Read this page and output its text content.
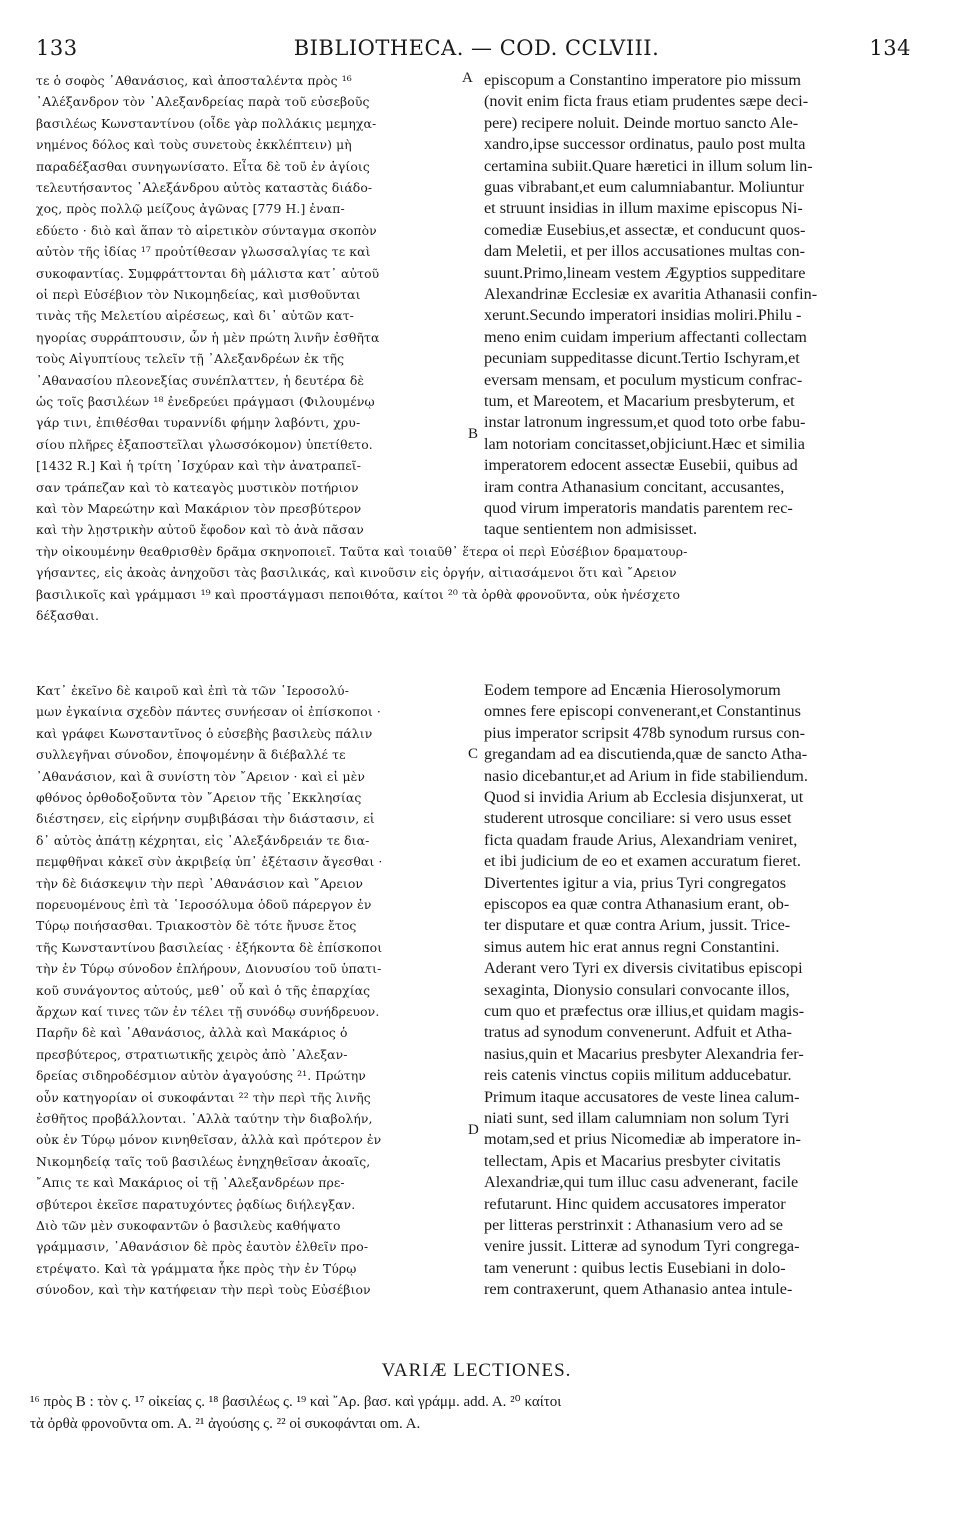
133	BIBLIOTHECA. — COD. CCLVIII.	134
τε ὁ σοφὸς ᾿Αθανάσιος, καὶ ἀποσταλέντα πρὸς ¹⁶
᾿Αλέξανδρον τὸν ᾿Αλεξανδρείας παρὰ τοῦ εὐσεβοῦς
βασιλέως Κωνσταντίνου (οἶδε γὰρ πολλάκις μεμηχα-
νημένος δόλος καὶ τοὺς συνετοὺς ἐκκλέπτειν) μὴ
παραδέξασθαι συνηγωνίσατο. Εἶτα δὲ τοῦ ἐν ἁγίοις
τελευτήσαντος ᾿Αλεξάνδρου αὐτὸς καταστὰς διάδο-
χος, πρὸς πολλῷ μείζους ἀγῶνας [779 H.] ἐναπ-
εδύετο · διὸ καὶ ἅπαν τὸ αἱρετικὸν σύνταγμα σκοπὸν
αὐτὸν τῆς ἰδίας ¹⁷ προὐτίθεσαν γλωσσαλγίας τε καὶ
συκοφαντίας. Συμφράττονται δὴ μάλιστα κατ᾿ αὐτοῦ
οἱ περὶ Εὐσέβιον τὸν Νικομηδείας, καὶ μισθοῦνται
τινὰς τῆς Μελετίου αἱρέσεως, καὶ δι᾿ αὐτῶν κατ-
ηγορίας συρράπτουσιν, ὧν ἡ μὲν πρώτη λινῆν ἐσθῆτα
τοὺς Αἰγυπτίους τελεῖν τῇ ᾿Αλεξανδρέων ἐκ τῆς
᾿Αθανασίου πλεονεξίας συνέπλαττεν, ἡ δευτέρα δὲ
ὡς τοῖς βασιλέων ¹⁸ ἐνεδρεύει πράγμασι (Φιλουμένῳ
γάρ τινι, ἐπιθέσθαι τυραννίδι φήμην λαβόντι, χρυ-
σίου πλῆρες ἐξαποστεῖλαι γλωσσόκομον) ὑπετίθετο.
[1432 R.] Καὶ ἡ τρίτη ᾿Ισχύραν καὶ τὴν ἀνατραπεῖ-
σαν τράπεζαν καὶ τὸ κατεαγὸς μυστικὸν ποτήριον
καὶ τὸν Μαρεώτην καὶ Μακάριον τὸν πρεσβύτερον
καὶ τὴν λῃστρικὴν αὐτοῦ ἔφοδον καὶ τὸ ἀνὰ πᾶσαν
episcopum a Constantino imperatore pio missum
(novit enim ficta fraus etiam prudentes sæpe deci-
pere) recipere noluit. Deinde mortuo sancto Ale-
xandro,ipse successor ordinatus, paulo post multa
certamina subiit.Quare hæretici in illum solum lin-
guas vibrabant,et eum calumniabantur. Moliuntur
et struunt insidias in illum maxime episcopus Ni-
comediæ Eusebius,et assectæ, et conducunt quos-
dam Meletii, et per illos accusationes multas con-
suunt.Primo,lineam vestem Ægyptios suppeditare
Alexandrinæ Ecclesiæ ex avaritia Athanasii confin-
xerunt.Secundo imperatori insidias moliri.Philu -
meno enim cuidam imperium affectanti collectam
pecuniam suppeditasse dicunt.Tertio Ischyram,et
eversam mensam, et poculum mysticum confrac-
tum, et Mareotem, et Macarium presbyterum, et
instar latronum ingressum,et quod toto orbe fabu-
lam notoriam concitasset,objiciunt.Hæc et similia
imperatorem edocent assectæ Eusebii, quibus ad
iram contra Athanasium concitant, accusantes,
quod virum imperatoris mandatis parentem rec-
taque sentientem non admisisset.
τὴν οἰκουμένην θεαθρισθὲν δρᾶμα σκηνοποιεῖ. Ταῦτα καὶ τοιαῦθ᾿ ἕτερα οἱ περὶ Εὐσέβιον δραματουρ-
γήσαντες, εἰς ἀκοὰς ἀνηχοῦσι τὰς βασιλικάς, καὶ κινοῦσιν εἰς ὀργήν, αἰτιασάμενοι ὅτι καὶ ῎Αρειον
βασιλικοῖς καὶ γράμμασι ¹⁹ καὶ προστάγμασι πεποιθότα, καίτοι ²⁰ τὰ ὀρθὰ φρονοῦντα, οὐκ ἠνέσχετο
δέξασθαι.
Κατ᾿ ἐκεῖνο δὲ καιροῦ καὶ ἐπὶ τὰ τῶν ῾Ιεροσολύ-
μων ἐγκαίνια σχεδὸν πάντες συνήεσαν οἱ ἐπίσκοποι ·
καὶ γράφει Κωνσταντῖνος ὁ εὐσεβὴς βασιλεὺς πάλιν
συλλεγῆναι σύνοδον, ἐποψομένην ἃ διέβαλλέ τε
᾿Αθανάσιον, καὶ ἃ συνίστη τὸν ῎Αρειον · καὶ εἰ μὲν
φθόνος ὀρθοδοξοῦντα τὸν ῎Αρειον τῆς ᾿Εκκλησίας
διέστησεν, εἰς εἰρήνην συμβιβάσαι τὴν διάστασιν, εἰ
δ᾿ αὐτὸς ἀπάτῃ κέχρηται, εἰς ᾿Αλεξάνδρειάν τε δια-
πεμφθῆναι κἀκεῖ σὺν ἀκριβείᾳ ὑπ᾿ ἐξέτασιν ἄγεσθαι ·
τὴν δὲ διάσκεψιν τὴν περὶ ᾿Αθανάσιον καὶ ῎Αρειον
πορευομένους ἐπὶ τὰ ῾Ιεροσόλυμα ὁδοῦ πάρεργον ἐν
Τύρῳ ποιήσασθαι. Τριακοστὸν δὲ τότε ἤνυσε ἔτος
τῆς Κωνσταντίνου βασιλείας · ἑξήκοντα δὲ ἐπίσκοποι
τὴν ἐν Τύρῳ σύνοδον ἐπλήρουν, Διονυσίου τοῦ ὑπατι-
κοῦ συνάγοντος αὐτούς, μεθ᾿ οὗ καὶ ὁ τῆς ἐπαρχίας
ἄρχων καί τινες τῶν ἐν τέλει τῇ συνόδῳ συνήδρευον.
Παρῆν δὲ καὶ ᾿Αθανάσιος, ἀλλὰ καὶ Μακάριος ὁ
πρεσβύτερος, στρατιωτικῆς χειρὸς ἀπὸ ᾿Αλεξαν-
δρείας σιδηροδέσμιον αὐτὸν ἀγαγούσης ²¹. Πρώτην
οὖν κατηγορίαν οἱ συκοφάνται ²² τὴν περὶ τῆς λινῆς
ἐσθῆτος προβάλλονται. ᾿Αλλὰ ταύτην τὴν διαβολήν,
οὐκ ἐν Τύρῳ μόνον κινηθεῖσαν, ἀλλὰ καὶ πρότερον ἐν
Νικομηδείᾳ ταῖς τοῦ βασιλέως ἐνηχηθεῖσαν ἀκοαῖς,
῎Απις τε καὶ Μακάριος οἱ τῇ ᾿Αλεξανδρέων πρε-
σβύτεροι ἐκεῖσε παρατυχόντες ῥᾳδίως διήλεγξαν.
Διὸ τῶν μὲν συκοφαντῶν ὁ βασιλεὺς καθήψατο
γράμμασιν, ᾿Αθανάσιον δὲ πρὸς ἑαυτὸν ἐλθεῖν προ-
ετρέψατο. Καὶ τὰ γράμματα ἧκε πρὸς τὴν ἐν Τύρῳ
σύνοδον, καὶ τὴν κατήφειαν τὴν περὶ τοὺς Εὐσέβιον
Eodem tempore ad Encænia Hierosolymorum
omnes fere episcopi convenerant,et Constantinus
pius imperator scripsit 478b synodum rursus con-
gregandam ad ea discutienda,quæ de sancto Atha-
nasio dicebantur,et ad Arium in fide stabiliendum.
Quod si invidia Arium ab Ecclesia disjunxerat, ut
studerent utrosque conciliare: si vero usus esset
ficta quadam fraude Arius, Alexandriam veniret,
et ibi judicium de eo et examen accuratum fieret.
Divertentes igitur a via, prius Tyri congregatos
episcopos ea quæ contra Athanasium erant, ob-
ter disputare et quæ contra Arium, jussit. Trice-
simus autem hic erat annus regni Constantini.
Aderant vero Tyri ex diversis civitatibus episcopi
sexaginta, Dionysio consulari convocante illos,
cum quo et præfectus oræ illius,et quidam magis-
tratus ad synodum convenerunt. Adfuit et Atha-
nasius,quin et Macarius presbyter Alexandria fer-
reis catenis vinctus copiis militum adducebatur.
Primum itaque accusatores de veste linea calum-
niati sunt, sed illam calumniam non solum Tyri
motam,sed et prius Nicomediæ ab imperatore in-
tellectam, Apis et Macarius presbyter civitatis
Alexandriæ,qui tum illuc casu advenerant, facile
refutarunt. Hinc quidem accusatores imperator
per litteras perstrinxit : Athanasium vero ad se
venire jussit. Litteræ ad synodum Tyri congrega-
tam venerunt : quibus lectis Eusebiani in dolo-
rem contraxerunt, quem Athanasio antea intule-
A
B
C
D
VARIÆ LECTIONES.
¹⁶ πρὸς B : τὸν ς. ¹⁷ οἰκείας ς. ¹⁸ βασιλέως ς. ¹⁹ καὶ ῎Αρ. βασ. καὶ γράμμ. add. A. ²⁰ καίτοι
τὰ ὀρθὰ φρονοῦντα om. A. ²¹ ἀγούσης ς. ²² οἱ συκοφάνται om. A.
